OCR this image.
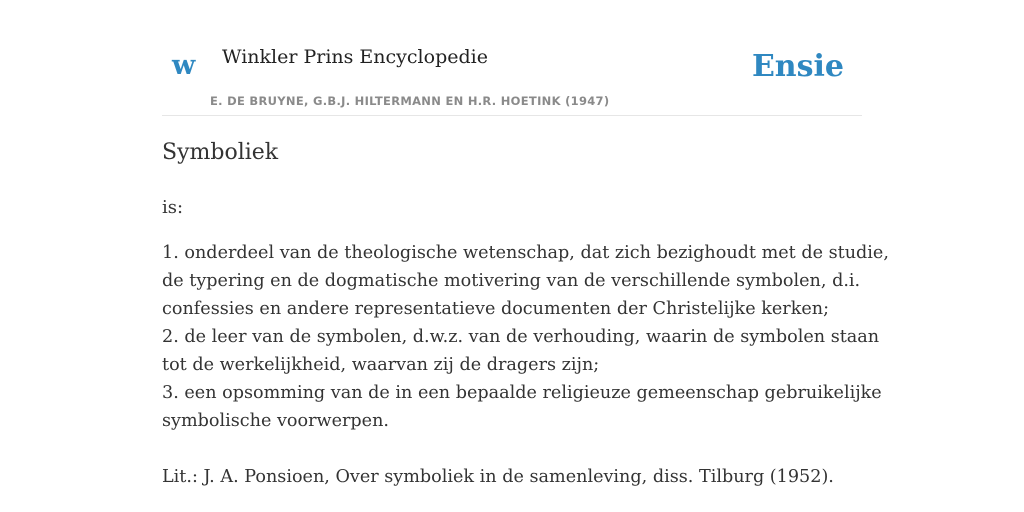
w Winkler Prins Encyclopedie
E. DE BRUYNE, G.B.J. HILTERMANN EN H.R. HOETINK (1947)
Ensie
Symboliek

is:

1. onderdeel van de theologische wetenschap, dat zich bezighoudt met de studie,
de typering en de dogmatische motivering van de verschillende symbolen, d.i.
confessies en andere representatieve documenten der Christelijke kerken;
2. de leer van de symbolen, d.w.z. van de verhouding, waarin de symbolen staan
tot de werkelijkheid, waarvan zij de dragers zijn;
3. een opsomming van de in een bepaalde religieuze gemeenschap gebruikelijke
symbolische voorwerpen.

Lit.: J. A. Ponsioen, Over symboliek in de samenleving, diss. Tilburg (1952).
